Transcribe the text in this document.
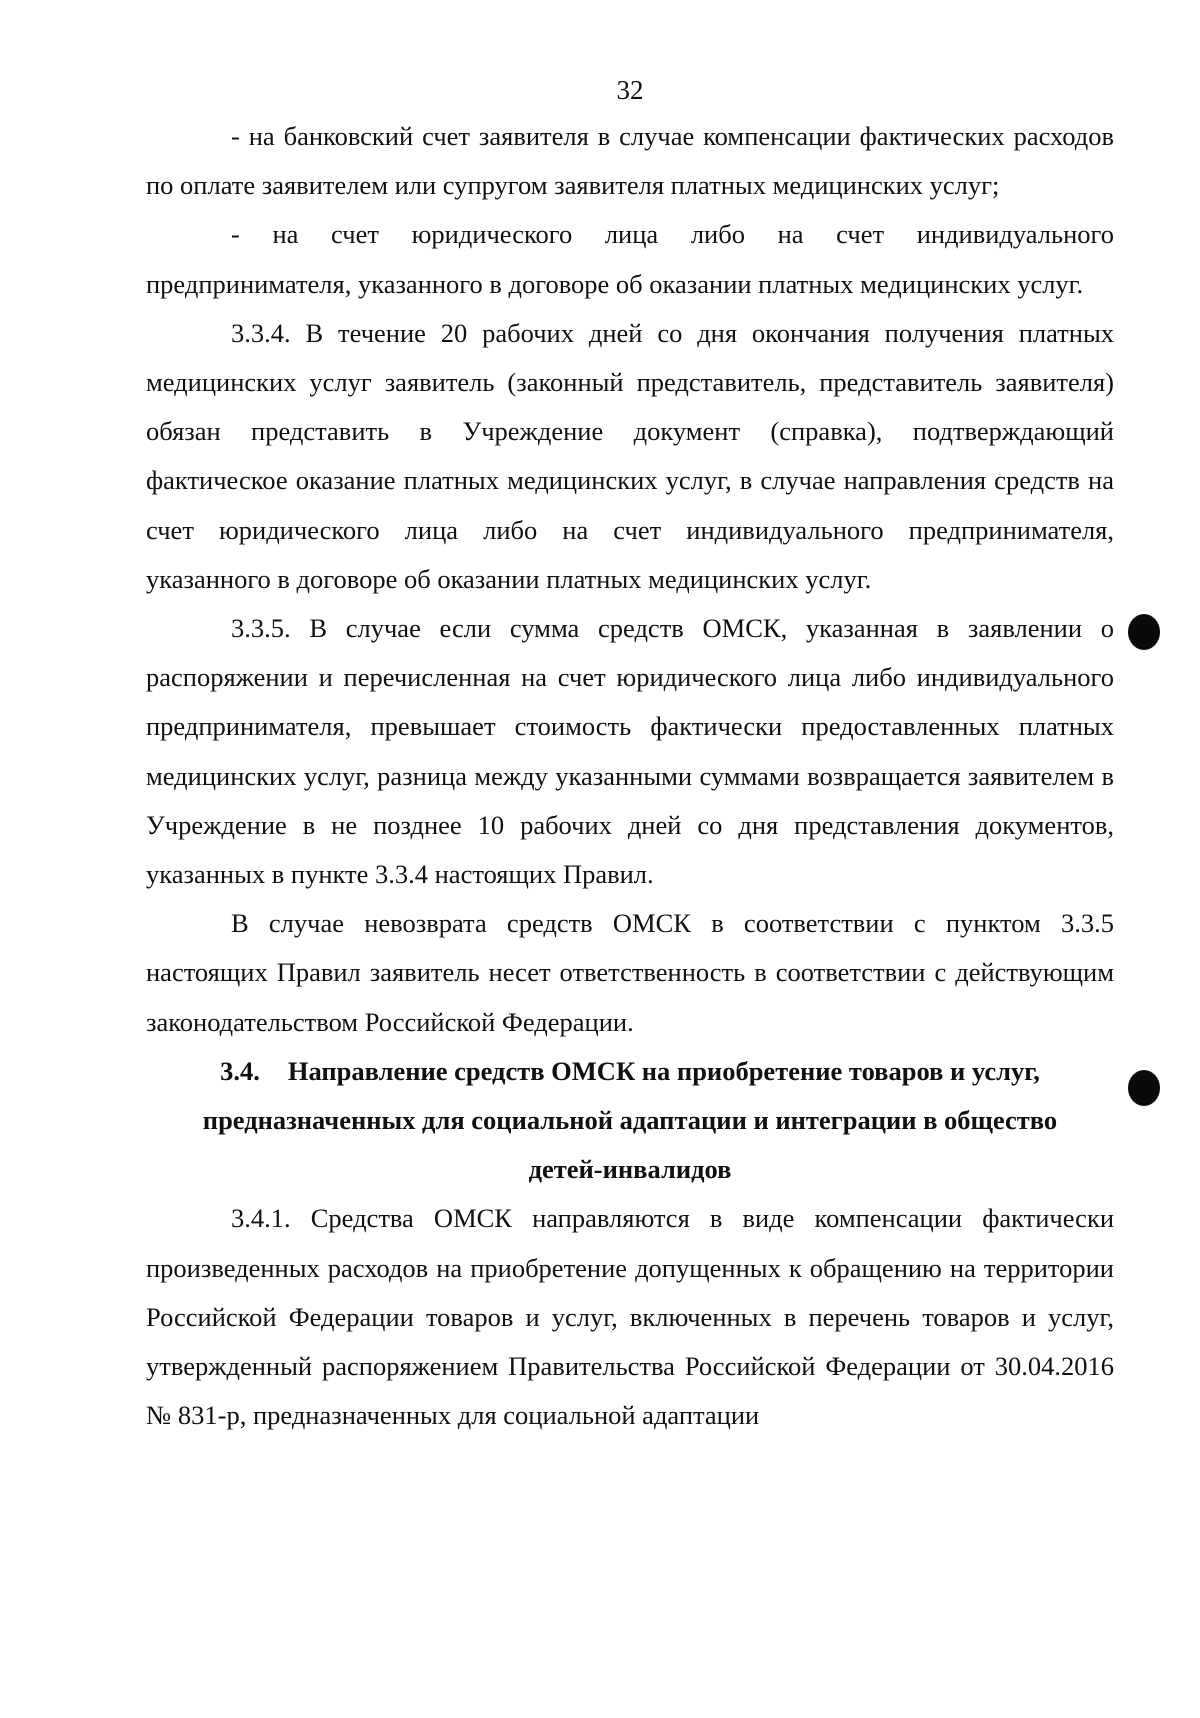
32

- на банковский счет заявителя в случае компенсации фактических расходов по оплате заявителем или супругом заявителя платных медицинских услуг;

- на счет юридического лица либо на счет индивидуального предпринимателя, указанного в договоре об оказании платных медицинских услуг.

3.3.4. В течение 20 рабочих дней со дня окончания получения платных медицинских услуг заявитель (законный представитель, представитель заявителя) обязан представить в Учреждение документ (справка), подтверждающий фактическое оказание платных медицинских услуг, в случае направления средств на счет юридического лица либо на счет индивидуального предпринимателя, указанного в договоре об оказании платных медицинских услуг.

3.3.5. В случае если сумма средств ОМСК, указанная в заявлении о распоряжении и перечисленная на счет юридического лица либо индивидуального предпринимателя, превышает стоимость фактически предоставленных платных медицинских услуг, разница между указанными суммами возвращается заявителем в Учреждение в не позднее 10 рабочих дней со дня представления документов, указанных в пункте 3.3.4 настоящих Правил.

В случае невозврата средств ОМСК в соответствии с пунктом 3.3.5 настоящих Правил заявитель несет ответственность в соответствии с действующим законодательством Российской Федерации.

3.4. Направление средств ОМСК на приобретение товаров и услуг, предназначенных для социальной адаптации и интеграции в общество детей-инвалидов

3.4.1. Средства ОМСК направляются в виде компенсации фактически произведенных расходов на приобретение допущенных к обращению на территории Российской Федерации товаров и услуг, включенных в перечень товаров и услуг, утвержденный распоряжением Правительства Российской Федерации от 30.04.2016 № 831-р, предназначенных для социальной адаптации
